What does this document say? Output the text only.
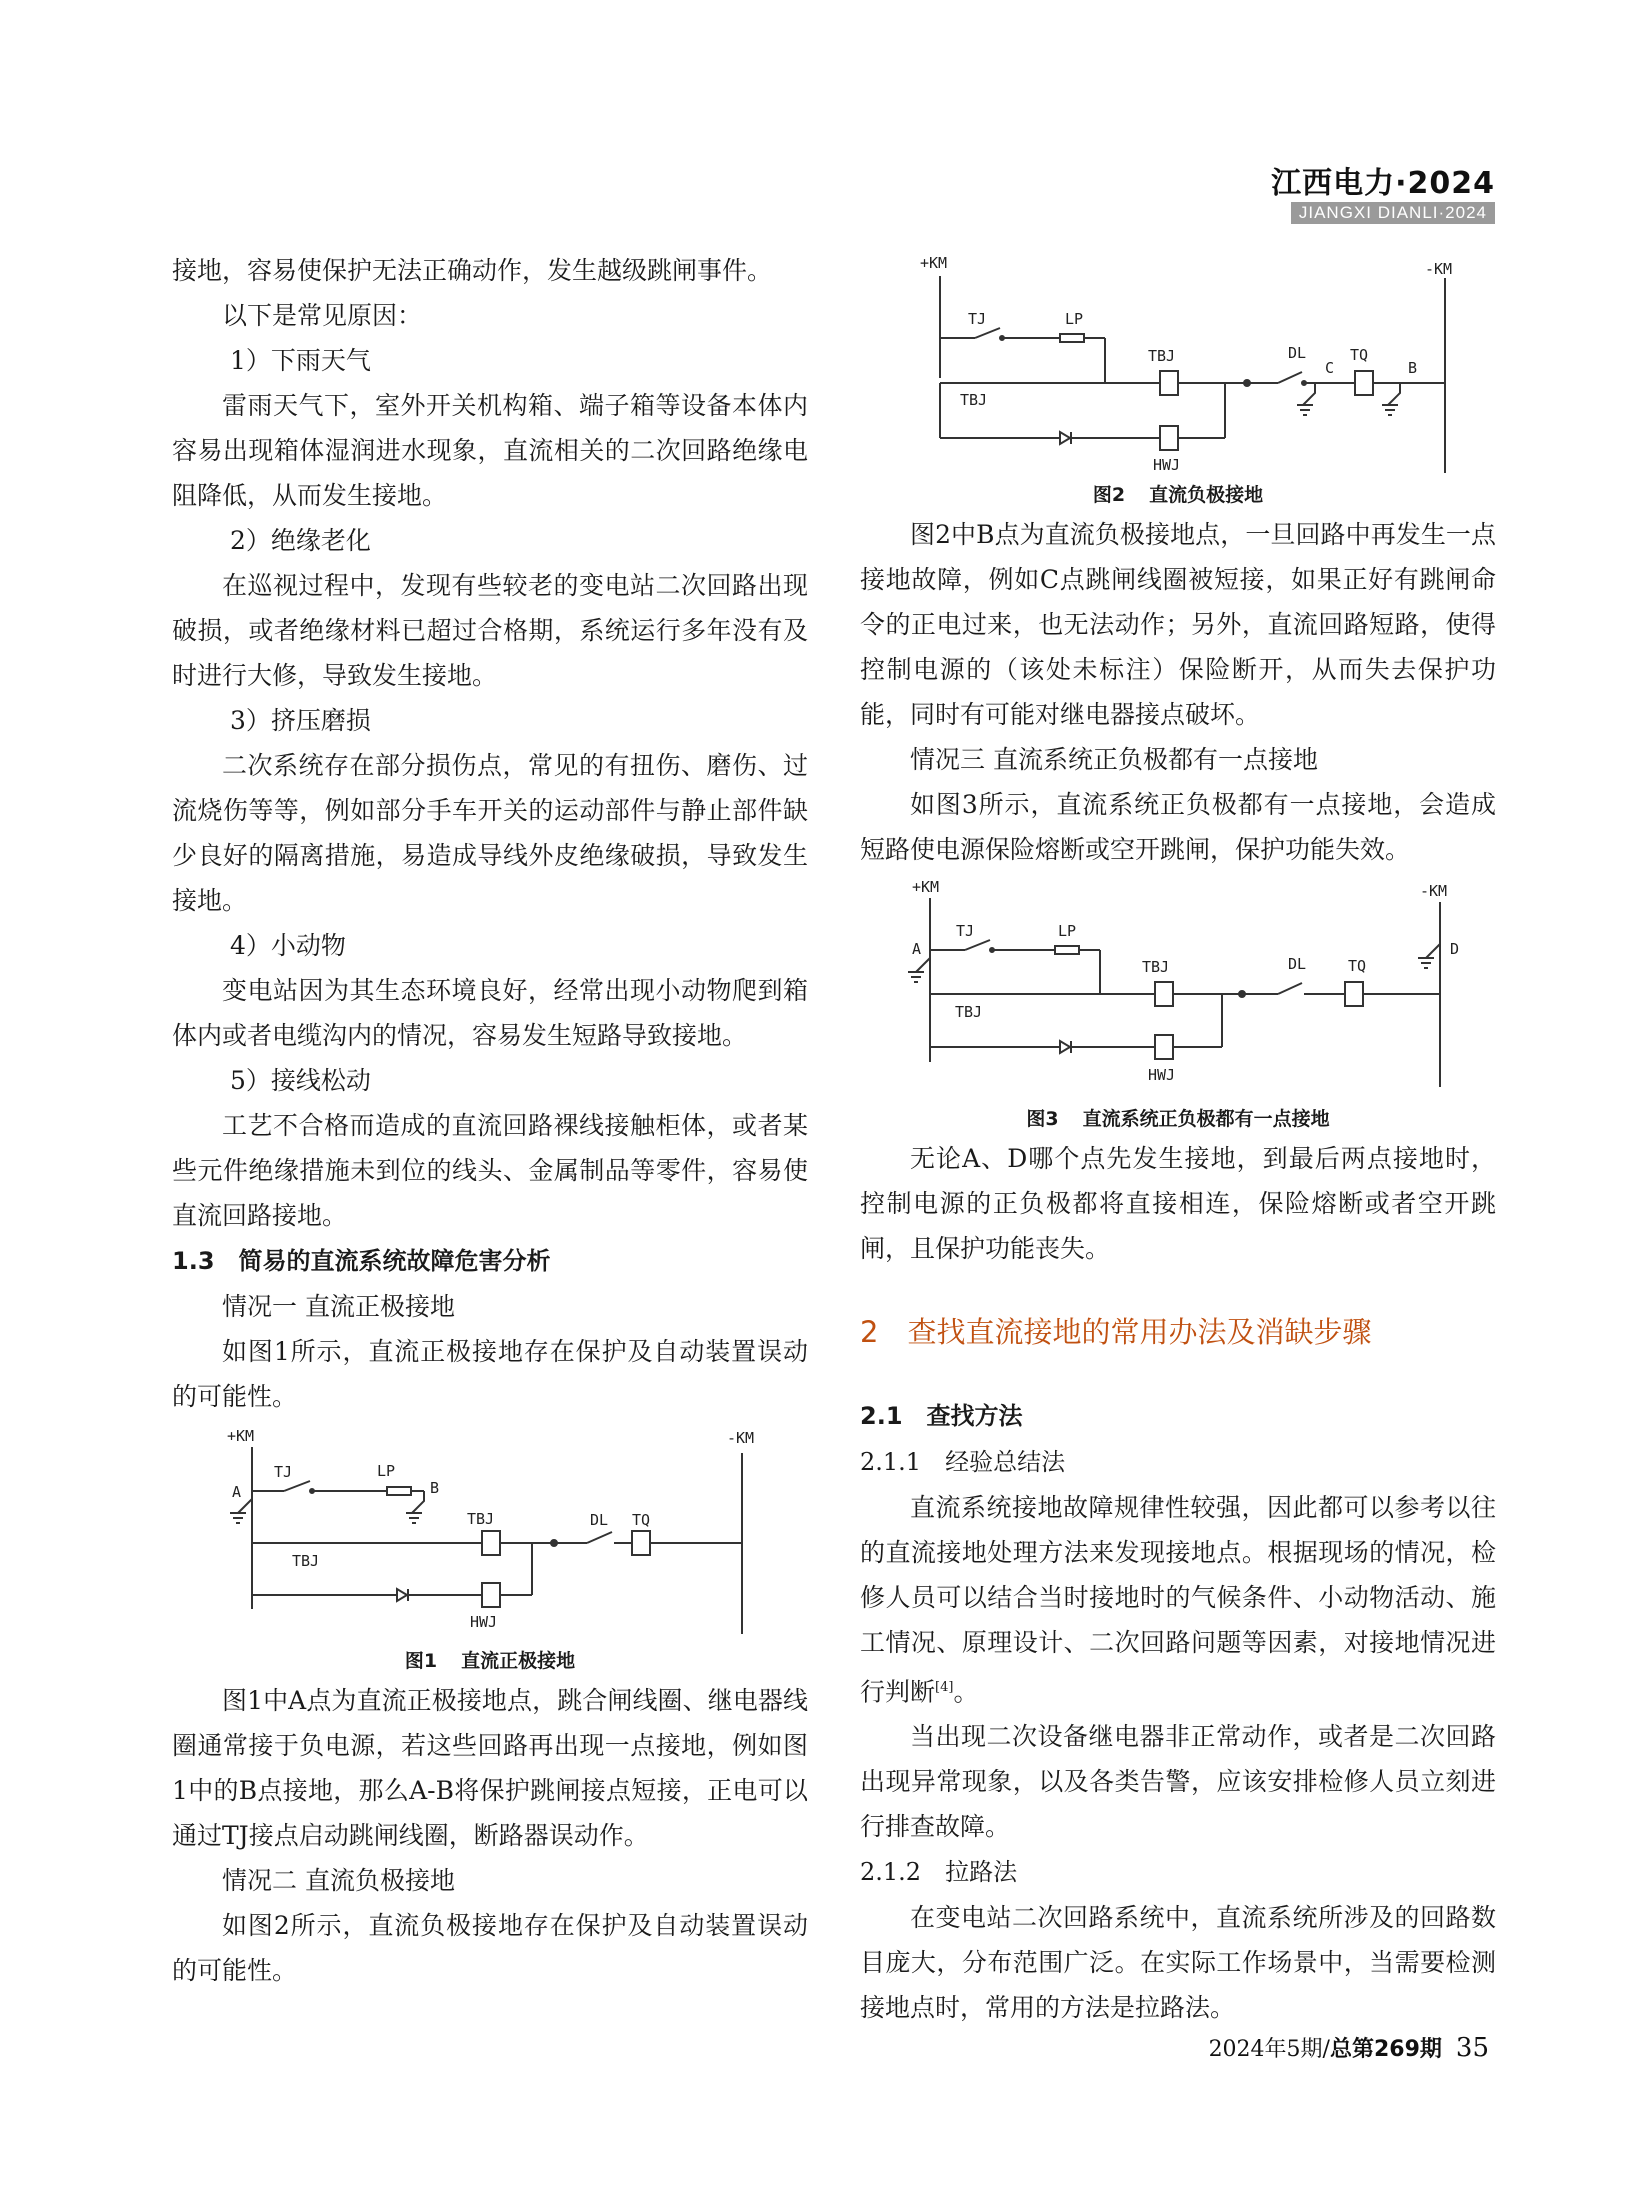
江西电力·2024
JIANGXI DIANLI·2024

接地，容易使保护无法正确动作，发生越级跳闸事件。

以下是常见原因：

1）下雨天气

雷雨天气下，室外开关机构箱、端子箱等设备本体内容易出现箱体湿润进水现象，直流相关的二次回路绝缘电阻降低，从而发生接地。

2）绝缘老化

在巡视过程中，发现有些较老的变电站二次回路出现破损，或者绝缘材料已超过合格期，系统运行多年没有及时进行大修，导致发生接地。

3）挤压磨损

二次系统存在部分损伤点，常见的有扭伤、磨伤、过流烧伤等等，例如部分手车开关的运动部件与静止部件缺少良好的隔离措施，易造成导线外皮绝缘破损，导致发生接地。

4）小动物

变电站因为其生态环境良好，经常出现小动物爬到箱体内或者电缆沟内的情况，容易发生短路导致接地。

5）接线松动

工艺不合格而造成的直流回路裸线接触柜体，或者某些元件绝缘措施未到位的线头、金属制品等零件，容易使直流回路接地。

1.3　简易的直流系统故障危害分析

情况一 直流正极接地

如图1所示，直流正极接地存在保护及自动装置误动的可能性。

+KM	-KM
A
TJ	LP
B
TBJ	DL TQ
TBJ
HWJ
图1 直流正极接地

图1中A点为直流正极接地点，跳合闸线圈、继电器线圈通常接于负电源，若这些回路再出现一点接地，例如图1中的B点接地，那么A-B将保护跳闸接点短接，正电可以通过TJ接点启动跳闸线圈，断路器误动作。

情况二 直流负极接地

如图2所示，直流负极接地存在保护及自动装置误动的可能性。

+KM	-KM
TJ	LP
TBJ	DL
C
TQ
B
TBJ
HWJ
图2 直流负极接地

图2中B点为直流负极接地点，一旦回路中再发生一点接地故障，例如C点跳闸线圈被短接，如果正好有跳闸命令的正电过来，也无法动作；另外，直流回路短路，使得控制电源的（该处未标注）保险断开，从而失去保护功能，同时有可能对继电器接点破坏。

情况三 直流系统正负极都有一点接地

如图3所示，直流系统正负极都有一点接地，会造成短路使电源保险熔断或空开跳闸，保护功能失效。

+KM	-KM
A
TJ	LP
TBJ	DL	TQ
D
TBJ
HWJ
图3 直流系统正负极都有一点接地

无论A、D哪个点先发生接地，到最后两点接地时，控制电源的正负极都将直接相连，保险熔断或者空开跳闸，且保护功能丧失。

2　查找直流接地的常用办法及消缺步骤
2.1　查找方法
2.1.1　经验总结法

直流系统接地故障规律性较强，因此都可以参考以往的直流接地处理方法来发现接地点。根据现场的情况，检修人员可以结合当时接地时的气候条件、小动物活动、施工情况、原理设计、二次回路问题等因素，对接地情况进行判断[4]。

当出现二次设备继电器非正常动作，或者是二次回路出现异常现象，以及各类告警，应该安排检修人员立刻进行排查故障。

2.1.2　拉路法

在变电站二次回路系统中，直流系统所涉及的回路数目庞大，分布范围广泛。在实际工作场景中，当需要检测接地点时，常用的方法是拉路法。

2024年5期/总第269期 35
